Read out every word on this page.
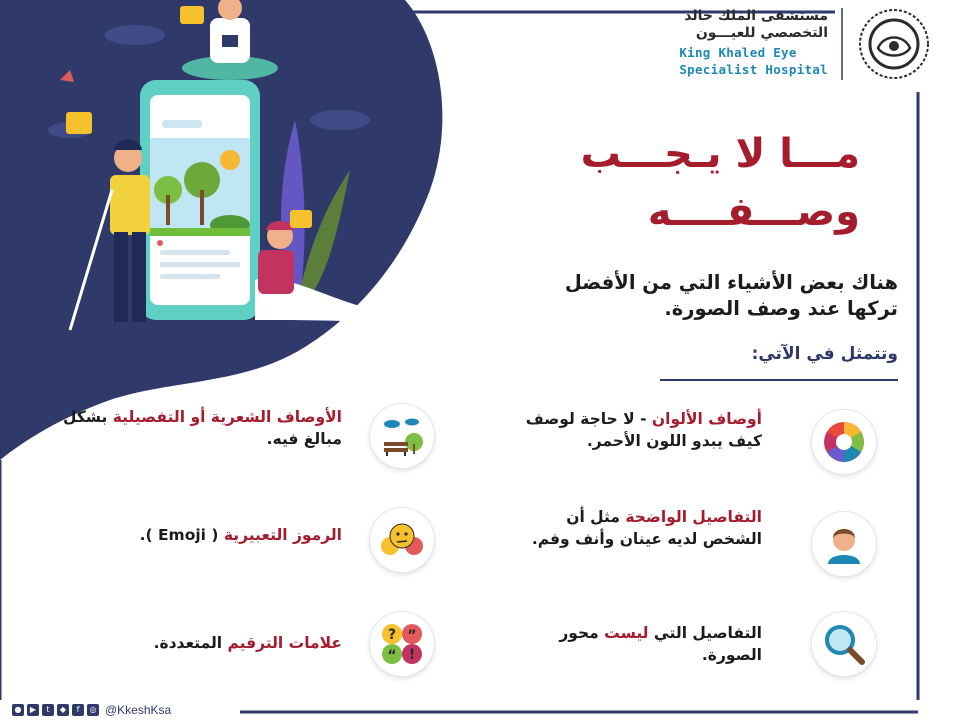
مستشفى الملك خالد
التخصصي للعيـــون
King Khaled Eye
Specialist Hospital
مـــا لا يـجـــب
وصـــفــــه
هناك بعض الأشياء التي من الأفضل
تركها عند وصف الصورة.
وتتمثل في الآتي:
أوصاف الألوان - لا حاجة لوصف كيف يبدو اللون الأحمر.
التفاصيل الواضحة مثل أن الشخص لديه عينان وأنف وفم.
التفاصيل التي ليست محور الصورة.
الأوصاف الشعرية أو التفصيلية بشكل مبالغ فيه.
الرموز التعبيرية ( Emoji ).
? ”
“ !
علامات الترقيم المتعددة.
●	▶	t	◆	f	◎ @KkeshKsa
